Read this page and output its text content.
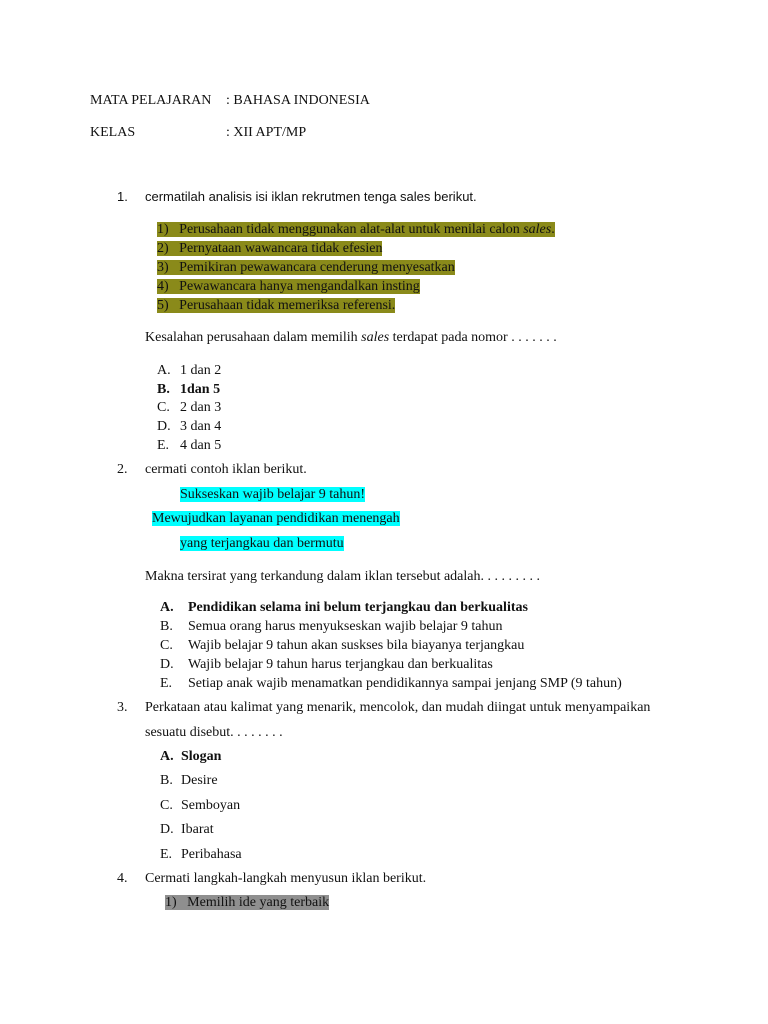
MATA PELAJARAN : BAHASA INDONESIA
KELAS	: XII APT/MP
1. cermatilah analisis isi iklan rekrutmen tenga sales berikut.
1) Perusahaan tidak menggunakan alat-alat untuk menilai calon sales.
2) Pernyataan wawancara tidak efesien
3) Pemikiran pewawancara cenderung menyesatkan
4) Pewawancara hanya mengandalkan insting
5) Perusahaan tidak memeriksa referensi.
Kesalahan perusahaan dalam memilih sales terdapat pada nomor . . . . . . .
A. 1 dan 2
B. 1dan 5
C. 2 dan 3
D. 3 dan 4
E. 4 dan 5
2. cermati contoh iklan berikut.
Sukseskan wajib belajar 9 tahun!
Mewujudkan layanan pendidikan menengah
yang terjangkau dan bermutu
Makna tersirat yang terkandung dalam iklan tersebut adalah. . . . . . . . .
A. Pendidikan selama ini belum terjangkau dan berkualitas
B. Semua orang harus menyukseskan wajib belajar 9 tahun
C. Wajib belajar 9 tahun akan suskses bila biayanya terjangkau
D. Wajib belajar 9 tahun harus terjangkau dan berkualitas
E. Setiap anak wajib menamatkan pendidikannya sampai jenjang SMP (9 tahun)
3. Perkataan atau kalimat yang menarik, mencolok, dan mudah diingat untuk menyampaikan
sesuatu disebut. . . . . . . .
A. Slogan
B. Desire
C. Semboyan
D. Ibarat
E. Peribahasa
4. Cermati langkah-langkah menyusun iklan berikut.
1) Memilih ide yang terbaik
